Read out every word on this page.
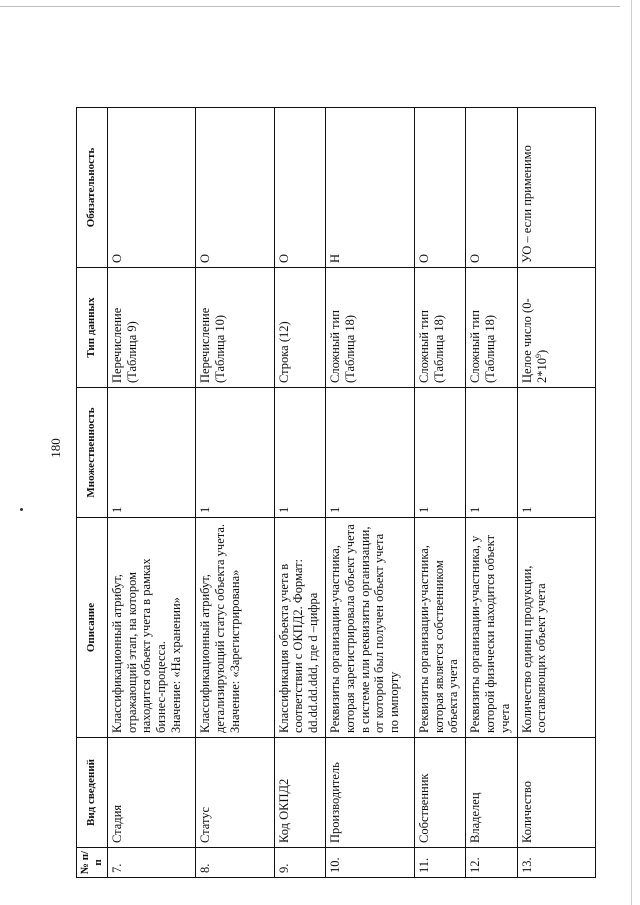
180
№ п/п	Вид сведений	Описание	Множественность	Тип данных	Обязательность
7.	Стадия	Классификационный атрибут, отражающий этап, на котором находится объект учета в рамках бизнес-процесса. Значение: «На хранении»	1	Перечисление (Таблица 9)	О
8.	Статус	Классификационный атрибут, детализирующий статус объекта учета. Значение: «Зарегистрирована»	1	Перечисление (Таблица 10)	О
9.	Код ОКПД2	Классификация объекта учета в соответствии с ОКПД2. Формат: dd.dd.dd.ddd, где d –цифра	1	Строка (12)	О
10.	Производитель	Реквизиты организации-участника, которая зарегистрировала объект учета в системе или реквизиты организации, от которой был получен объект учета по импорту	1	Сложный тип (Таблица 18)	Н
11.	Собственник	Реквизиты организации-участника, которая является собственником объекта учета	1	Сложный тип (Таблица 18)	О
12.	Владелец	Реквизиты организации-участника, у которой физически находится объект учета	1	Сложный тип (Таблица 18)	О
13.	Количество	Количество единиц продукции, составляющих объект учета	1	Целое число $(0-2*10^9)$	УО – если применимо
